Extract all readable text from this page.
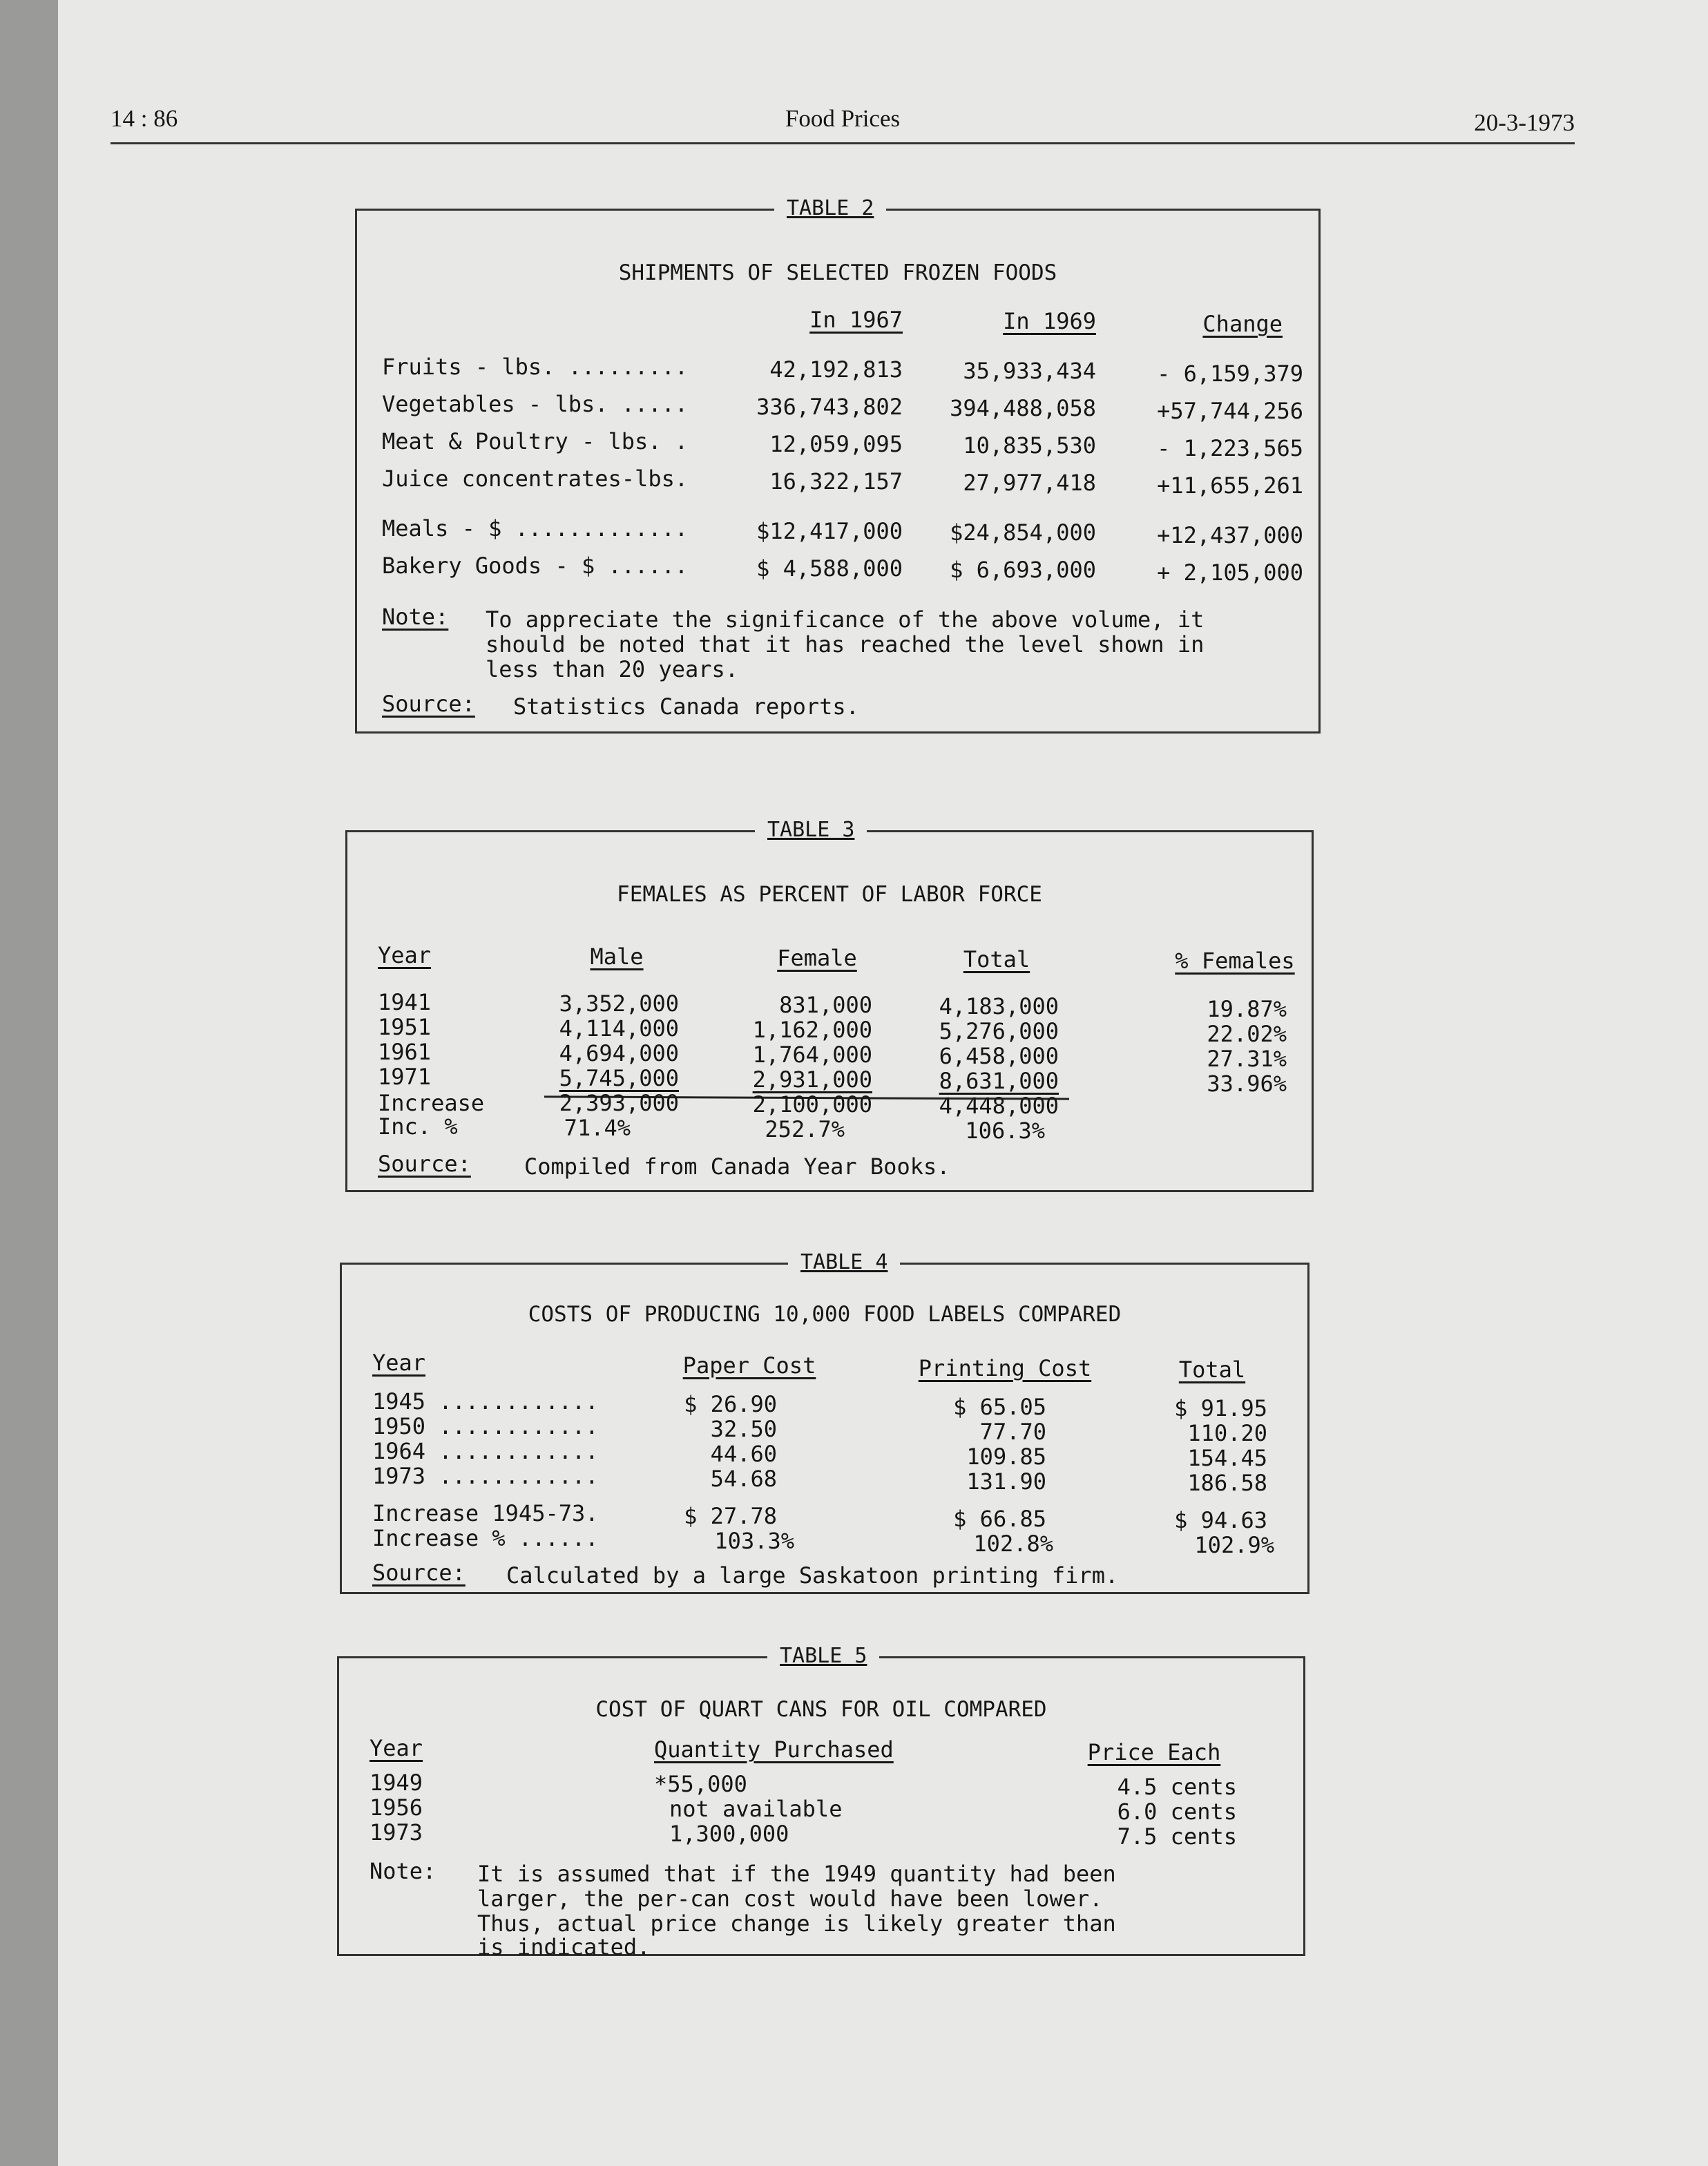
14 : 86	Food Prices	20-3-1973
TABLE 2
SHIPMENTS OF SELECTED FROZEN FOODS
In 1967	In 1969	Change
Fruits - lbs. .........	42,192,813	35,933,434	- 6,159,379
Vegetables - lbs. .....	336,743,802	394,488,058	+57,744,256
Meat & Poultry - lbs. .	12,059,095	10,835,530	- 1,223,565
Juice concentrates-lbs.	16,322,157	27,977,418	+11,655,261
Meals - $ .............	$12,417,000	$24,854,000	+12,437,000
Bakery Goods - $ ......	$ 4,588,000	$ 6,693,000	+ 2,105,000
Note: To appreciate the significance of the above volume, it
should be noted that it has reached the level shown in
less than 20 years.
Source: Statistics Canada reports.
TABLE 3
FEMALES AS PERCENT OF LABOR FORCE
Year	Male	Female	Total	% Females
1941	3,352,000	831,000	4,183,000	19.87%
1951	4,114,000	1,162,000	5,276,000	22.02%
1961	4,694,000	1,764,000	6,458,000	27.31%
1971	5,745,000	2,931,000	8,631,000	33.96%
Increase	2,393,000	2,100,000	4,448,000
Inc. %	71.4%	252.7%	106.3%
Source: Compiled from Canada Year Books.
TABLE 4
COSTS OF PRODUCING 10,000 FOOD LABELS COMPARED
Year	Paper Cost	Printing Cost	Total
1945 ............	$ 26.90	$ 65.05	$ 91.95
1950 ............	32.50	77.70	110.20
1964 ............	44.60	109.85	154.45
1973 ............	54.68	131.90	186.58
Increase 1945-73.	$ 27.78	$ 66.85	$ 94.63
Increase % ......	103.3%	102.8%	102.9%
Source: Calculated by a large Saskatoon printing firm.
TABLE 5
COST OF QUART CANS FOR OIL COMPARED
Year	Quantity Purchased	Price Each
1949	*55,000	4.5 cents
1956	not available	6.0 cents
1973	1,300,000	7.5 cents
Note: It is assumed that if the 1949 quantity had been
larger, the per-can cost would have been lower.
Thus, actual price change is likely greater than
is indicated.
